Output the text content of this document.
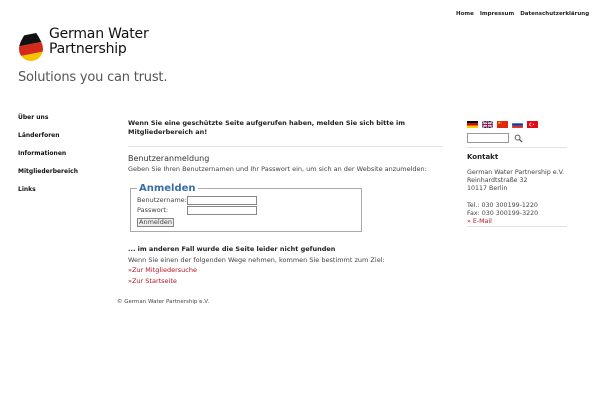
Home Impressum Datenschutzerklärung
German Water
Partnership
Solutions you can trust.
Über uns
Länderforen
Informationen
Mitgliederbereich
Links
Wenn Sie eine geschützte Seite aufgerufen haben, melden Sie sich bitte im Mitgliederbereich an!
Benutzeranmeldung
Geben Sie Ihren Benutzernamen und Ihr Passwort ein, um sich an der Website anzumelden:
Anmelden
Benutzername:
Passwort:
Anmelden
... im anderen Fall wurde die Seite leider nicht gefunden
Wenn Sie einen der folgenden Wege nehmen, kommen Sie bestimmt zum Ziel:
»Zur Mitgliedersuche
»Zur Startseite
© German Water Partnership e.V.
Kontakt
German Water Partnership e.V.
Reinhardtstraße 32
10117 Berlin
Tel.: 030 300199-1220
Fax: 030 300199-3220
» E-Mail
